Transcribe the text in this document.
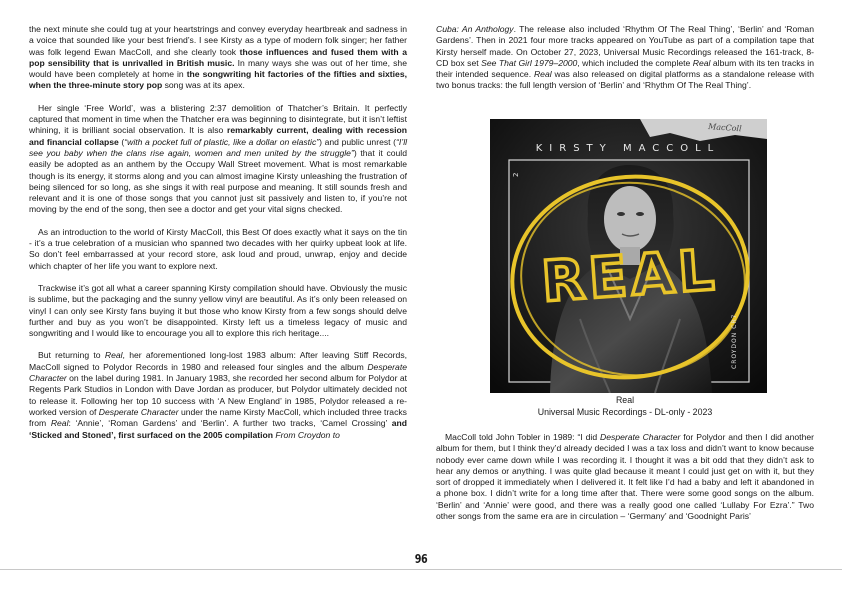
the next minute she could tug at your heartstrings and convey everyday heartbreak and sadness in a voice that sounded like your best friend’s. I see Kirsty as a type of modern folk singer; her father was folk legend Ewan MacColl, and she clearly took those influences and fused them with a pop sensibility that is unrivalled in British music. In many ways she was out of her time, she would have been completely at home in the songwriting hit factories of the fifties and sixties, when the three-minute story pop song was at its apex.

Her single ‘Free World’, was a blistering 2:37 demolition of Thatcher’s Britain. It perfectly captured that moment in time when the Thatcher era was beginning to disintegrate, but it isn’t leftist whining, it is brilliant social observation. It is also remarkably current, dealing with recession and financial collapse (“with a pocket full of plastic, like a dollar on elastic”) and public unrest (“I’ll see you baby when the clans rise again, women and men united by the struggle”) that it could easily be adopted as an anthem by the Occupy Wall Street movement. What is most remarkable though is its energy, it storms along and you can almost imagine Kirsty unleashing the frustration of being silenced for so long, as she sings it with real purpose and meaning. It still sounds fresh and relevant and it is one of those songs that you cannot just sit passively and listen to, if you’re not moving by the end of the song, then see a doctor and get your vital signs checked.

As an introduction to the world of Kirsty MacColl, this Best Of does exactly what it says on the tin - it’s a true celebration of a musician who spanned two decades with her quirky upbeat look at life. So don’t feel embarrassed at your record store, ask loud and proud, unwrap, enjoy and decide which chapter of her life you want to explore next.

Trackwise it’s got all what a career spanning Kirsty compilation should have. Obviously the music is sublime, but the packaging and the sunny yellow vinyl are beautiful. As it’s only been released on vinyl I can only see Kirsty fans buying it but those who know Kirsty from a few songs should delve further and buy as you won’t be disappointed. Kirsty left us a timeless legacy of music and songwriting and I would like to encourage you all to explore this rich heritage....

But returning to Real, her aforementioned long-lost 1983 album: After leaving Stiff Records, MacColl signed to Polydor Records in 1980 and released four singles and the album Desperate Character on the label during 1981. In January 1983, she recorded her second album for Polydor at Regents Park Studios in London with Dave Jordan as producer, but Polydor ultimately decided not to release it. Following her top 10 success with ‘A New England’ in 1985, Polydor released a re-worked version of Desperate Character under the name Kirsty MacColl, which included three tracks from Real: ‘Annie’, ‘Roman Gardens’ and ‘Berlin’. A further two tracks, ‘Camel Crossing’ and ‘Sticked and Stoned’, first surfaced on the 2005 compilation From Croydon to

Cuba: An Anthology. The release also included ‘Rhythm Of The Real Thing’, ‘Berlin’ and ‘Roman Gardens’. Then in 2021 four more tracks appeared on YouTube as part of a compilation tape that Kirsty herself made. On October 27, 2023, Universal Music Recordings released the 161-track, 8-CD box set See That Girl 1979–2000, which included the complete Real album with its ten tracks in their intended sequence. Real was also released on digital platforms as a standalone release with two bonus tracks: the full length version of ‘Berlin’ and ‘Rhythm Of The Real Thing’.

KIRSTY MACCOLL
REAL
CROYDON CR7
2
MacColl
Real
Universal Music Recordings - DL-only - 2023

MacColl told John Tobler in 1989: “I did Desperate Character for Polydor and then I did another album for them, but I think they’d already decided I was a tax loss and didn’t want to know because nobody ever came down while I was recording it. I thought it was a bit odd that they didn’t ask to hear any demos or anything. I was quite glad because it meant I could just get on with it, but they sort of dropped it immediately when I delivered it. It felt like I’d had a baby and left it abandoned in a phone box. I didn’t write for a long time after that. There were some good songs on the album. ‘Berlin’ and ‘Annie’ were good, and there was a really good one called ‘Lullaby For Ezra’.” Two other songs from the same era are in circulation – ‘Germany’ and ‘Goodnight Paris’

96
